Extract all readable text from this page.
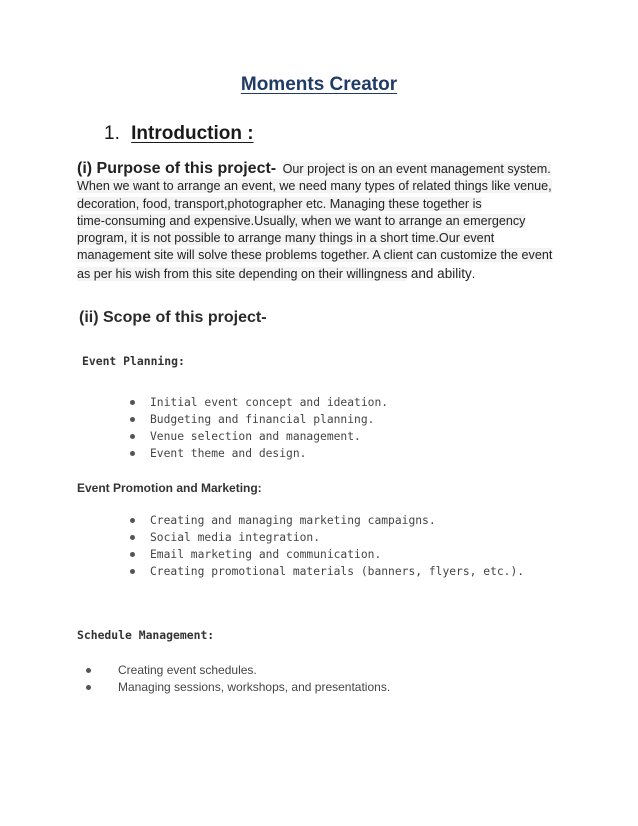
Moments Creator
1. Introduction :
(i) Purpose of this project- Our project is on an event management system.
When we want to arrange an event, we need many types of related things like venue,
decoration, food, transport,photographer etc. Managing these together is
time-consuming and expensive.Usually, when we want to arrange an emergency
program, it is not possible to arrange many things in a short time.Our event
management site will solve these problems together. A client can customize the event
as per his wish from this site depending on their willingness and ability.
(ii) Scope of this project-
Event Planning:
Initial event concept and ideation.
Budgeting and financial planning.
Venue selection and management.
Event theme and design.
Event Promotion and Marketing:
Creating and managing marketing campaigns.
Social media integration.
Email marketing and communication.
Creating promotional materials (banners, flyers, etc.).
Schedule Management:
Creating event schedules.
Managing sessions, workshops, and presentations.
